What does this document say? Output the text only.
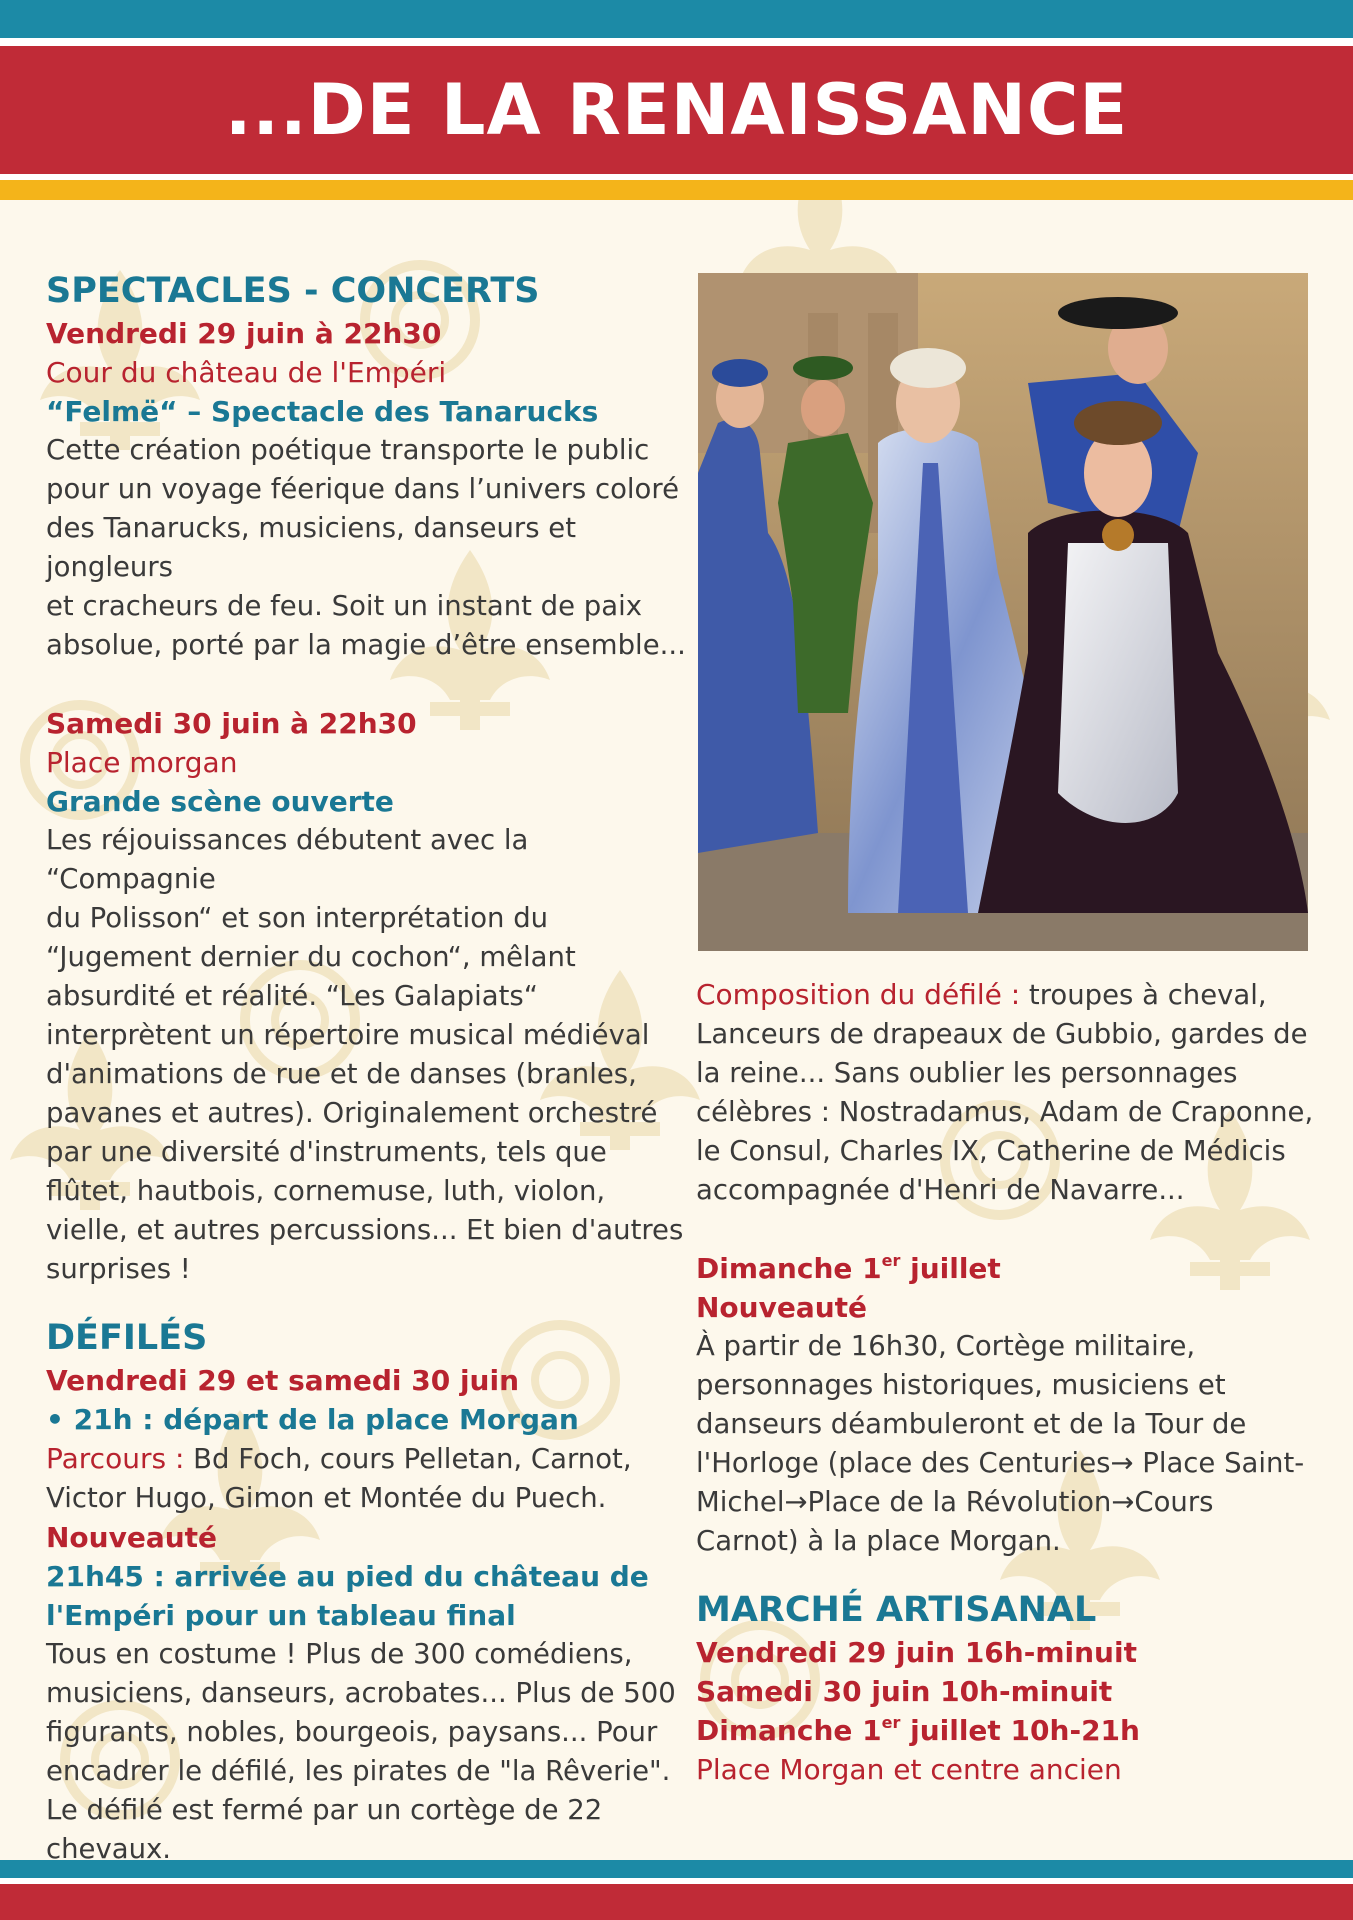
...DE LA RENAISSANCE
SPECTACLES - CONCERTS
Vendredi 29 juin à 22h30
Cour du château de l'Empéri
“Felmë“ – Spectacle des Tanarucks
Cette création poétique transporte le public
pour un voyage féerique dans l’univers coloré
des Tanarucks, musiciens, danseurs et jongleurs
et cracheurs de feu. Soit un instant de paix
absolue, porté par la magie d’être ensemble...
Samedi 30 juin à 22h30
Place morgan
Grande scène ouverte
Les réjouissances débutent avec la “Compagnie
du Polisson“ et son interprétation du
“Jugement dernier du cochon“, mêlant
absurdité et réalité. “Les Galapiats“
interprètent un répertoire musical médiéval
d'animations de rue et de danses (branles,
pavanes et autres). Originalement orchestré
par une diversité d'instruments, tels que
flûtet, hautbois, cornemuse, luth, violon,
vielle, et autres percussions... Et bien d'autres
surprises !
DÉFILÉS
Vendredi 29 et samedi 30 juin
• 21h : départ de la place Morgan
Parcours : Bd Foch, cours Pelletan, Carnot,
Victor Hugo, Gimon et Montée du Puech.
Nouveauté
21h45 : arrivée au pied du château de
l'Empéri pour un tableau final
Tous en costume ! Plus de 300 comédiens,
musiciens, danseurs, acrobates... Plus de 500
figurants, nobles, bourgeois, paysans... Pour
encadrer le défilé, les pirates de "la Rêverie".
Le défilé est fermé par un cortège de 22
chevaux.
Composition du défilé : troupes à cheval,
Lanceurs de drapeaux de Gubbio, gardes de
la reine... Sans oublier les personnages
célèbres : Nostradamus, Adam de Craponne,
le Consul, Charles IX, Catherine de Médicis
accompagnée d'Henri de Navarre...
Dimanche 1er juillet
Nouveauté
À partir de 16h30, Cortège militaire,
personnages historiques, musiciens et
danseurs déambuleront et de la Tour de
l'Horloge (place des Centuries→ Place Saint-
Michel→Place de la Révolution→Cours
Carnot) à la place Morgan.
MARCHÉ ARTISANAL
Vendredi 29 juin 16h-minuit
Samedi 30 juin 10h-minuit
Dimanche 1er juillet 10h-21h
Place Morgan et centre ancien
